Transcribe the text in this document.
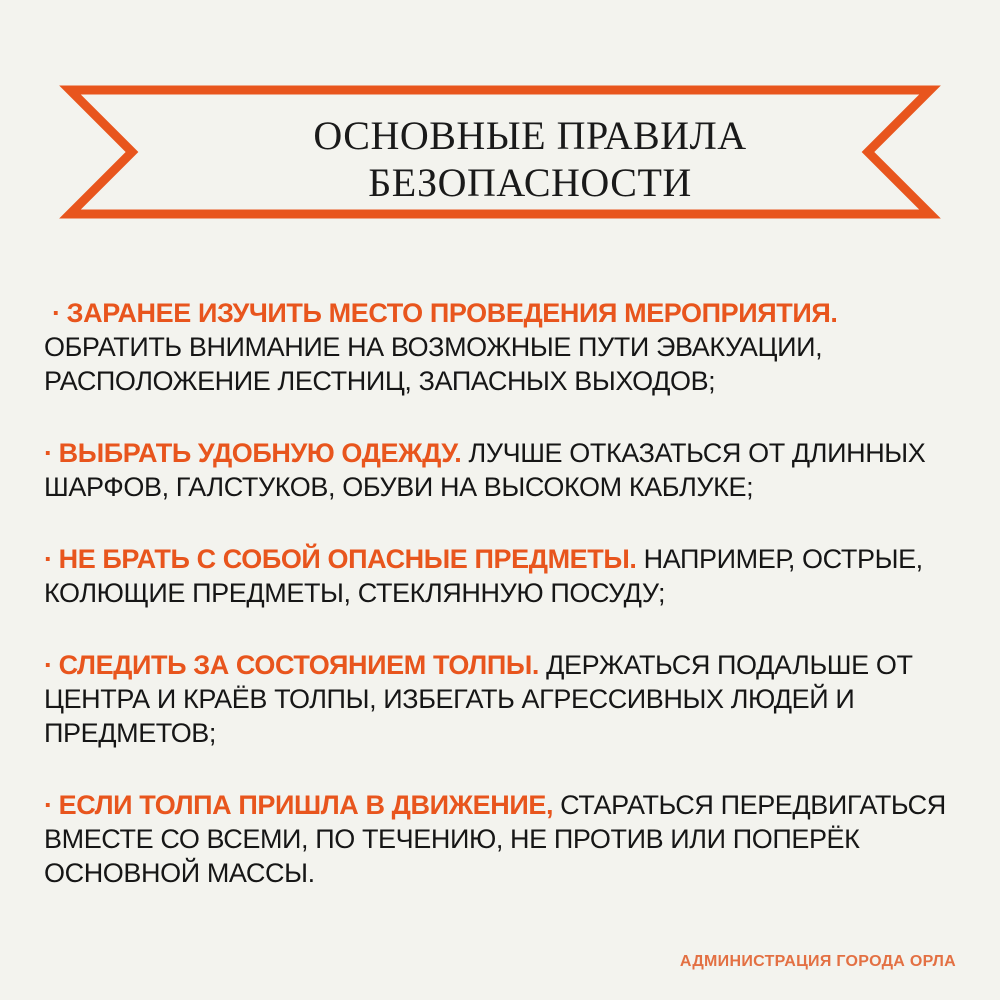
ОСНОВНЫЕ ПРАВИЛА
БЕЗОПАСНОСТИ
· ЗАРАНЕЕ ИЗУЧИТЬ МЕСТО ПРОВЕДЕНИЯ МЕРОПРИЯТИЯ. ОБРАТИТЬ ВНИМАНИЕ НА ВОЗМОЖНЫЕ ПУТИ ЭВАКУАЦИИ, РАСПОЛОЖЕНИЕ ЛЕСТНИЦ, ЗАПАСНЫХ ВЫХОДОВ;
· ВЫБРАТЬ УДОБНУЮ ОДЕЖДУ. ЛУЧШЕ ОТКАЗАТЬСЯ ОТ ДЛИННЫХ ШАРФОВ, ГАЛСТУКОВ, ОБУВИ НА ВЫСОКОМ КАБЛУКЕ;
· НЕ БРАТЬ С СОБОЙ ОПАСНЫЕ ПРЕДМЕТЫ. НАПРИМЕР, ОСТРЫЕ, КОЛЮЩИЕ ПРЕДМЕТЫ, СТЕКЛЯННУЮ ПОСУДУ;
· СЛЕДИТЬ ЗА СОСТОЯНИЕМ ТОЛПЫ. ДЕРЖАТЬСЯ ПОДАЛЬШЕ ОТ ЦЕНТРА И КРАЁВ ТОЛПЫ, ИЗБЕГАТЬ АГРЕССИВНЫХ ЛЮДЕЙ И ПРЕДМЕТОВ;
· ЕСЛИ ТОЛПА ПРИШЛА В ДВИЖЕНИЕ, СТАРАТЬСЯ ПЕРЕДВИГАТЬСЯ ВМЕСТЕ СО ВСЕМИ, ПО ТЕЧЕНИЮ, НЕ ПРОТИВ ИЛИ ПОПЕРЁК ОСНОВНОЙ МАССЫ.
АДМИНИСТРАЦИЯ ГОРОДА ОРЛА
